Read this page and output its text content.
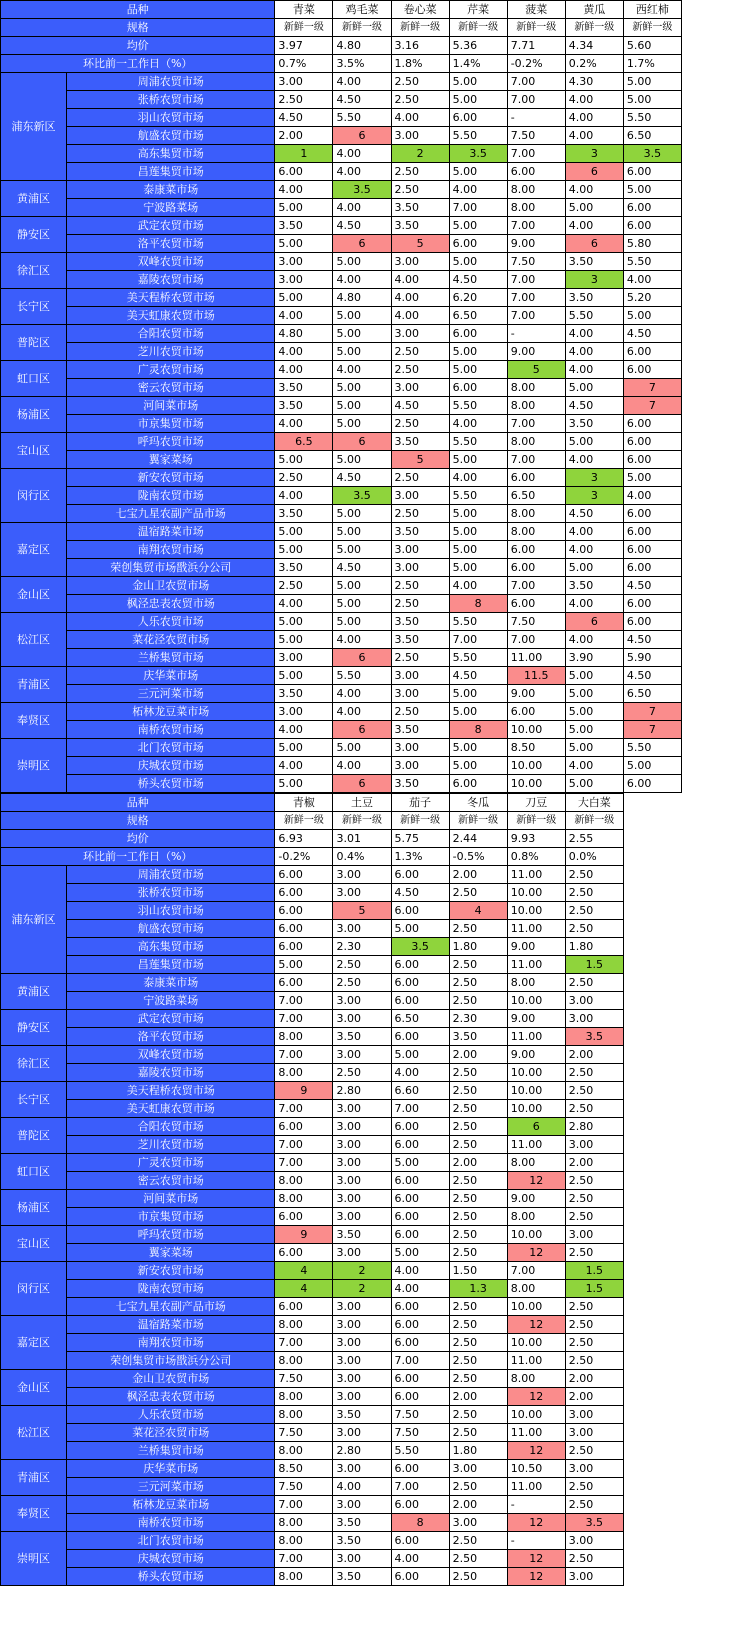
品种		青菜	鸡毛菜	卷心菜	芹菜	菠菜	黄瓜	西红柿
规格		新鲜一级	新鲜一级	新鲜一级	新鲜一级	新鲜一级	新鲜一级	新鲜一级
均价		3.97	4.80	3.16	5.36	7.71	4.34	5.60
环比前一工作日（%）		0.7%	3.5%	1.8%	1.4%	-0.2%	0.2%	1.7%
浦东新区	周浦农贸市场	3.00	4.00	2.50	5.00	7.00	4.30	5.00
	张桥农贸市场	2.50	4.50	2.50	5.00	7.00	4.00	5.00
	羽山农贸市场	4.50	5.50	4.00	6.00	-	4.00	5.50
	航盛农贸市场	2.00	6	3.00	5.50	7.50	4.00	6.50
	高东集贸市场	1	4.00	2	3.5	7.00	3	3.5
	昌莲集贸市场	6.00	4.00	2.50	5.00	6.00	6	6.00
黄浦区	泰康菜市场	4.00	3.5	2.50	4.00	8.00	4.00	5.00
	宁波路菜场	5.00	4.00	3.50	7.00	8.00	5.00	6.00
静安区	武定农贸市场	3.50	4.50	3.50	5.00	7.00	4.00	6.00
	洛平农贸市场	5.00	6	5	6.00	9.00	6	5.80
徐汇区	双峰农贸市场	3.00	5.00	3.00	5.00	7.50	3.50	5.50
	嘉陵农贸市场	3.00	4.00	4.00	4.50	7.00	3	4.00
长宁区	美天程桥农贸市场	5.00	4.80	4.00	6.20	7.00	3.50	5.20
	美天虹康农贸市场	4.00	5.00	4.00	6.50	7.00	5.50	5.00
普陀区	合阳农贸市场	4.80	5.00	3.00	6.00	-	4.00	4.50
	芝川农贸市场	4.00	5.00	2.50	5.00	9.00	4.00	6.00
虹口区	广灵农贸市场	4.00	4.00	2.50	5.00	5	4.00	6.00
	密云农贸市场	3.50	5.00	3.00	6.00	8.00	5.00	7
杨浦区	河间菜市场	3.50	5.00	4.50	5.50	8.00	4.50	7
	市京集贸市场	4.00	5.00	2.50	4.00	7.00	3.50	6.00
宝山区	呼玛农贸市场	6.5	6	3.50	5.50	8.00	5.00	6.00
	翼家菜场	5.00	5.00	5	5.00	7.00	4.00	6.00
闵行区	新安农贸市场	2.50	4.50	2.50	4.00	6.00	3	5.00
	陇南农贸市场	4.00	3.5	3.00	5.50	6.50	3	4.00
	七宝九星农副产品市场	3.50	5.00	2.50	5.00	8.00	4.50	6.00
嘉定区	温宿路菜市场	5.00	5.00	3.50	5.00	8.00	4.00	6.00
	南翔农贸市场	5.00	5.00	3.00	5.00	6.00	4.00	6.00
	荣创集贸市场戬浜分公司	3.50	4.50	3.00	5.00	6.00	5.00	6.00
金山区	金山卫农贸市场	2.50	5.00	2.50	4.00	7.00	3.50	4.50
	枫泾忠表农贸市场	4.00	5.00	2.50	8	6.00	4.00	6.00
松江区	人乐农贸市场	5.00	5.00	3.50	5.50	7.50	6	6.00
	菜花泾农贸市场	5.00	4.00	3.50	7.00	7.00	4.00	4.50
	兰桥集贸市场	3.00	6	2.50	5.50	11.00	3.90	5.90
青浦区	庆华菜市场	5.00	5.50	3.00	4.50	11.5	5.00	4.50
	三元河菜市场	3.50	4.00	3.00	5.00	9.00	5.00	6.50
奉贤区	柘林龙豆菜市场	3.00	4.00	2.50	5.00	6.00	5.00	7
	南桥农贸市场	4.00	6	3.50	8	10.00	5.00	7
崇明区	北门农贸市场	5.00	5.00	3.00	5.00	8.50	5.00	5.50
	庆城农贸市场	4.00	4.00	3.00	5.00	10.00	4.00	5.00
	桥头农贸市场	5.00	6	3.50	6.00	10.00	5.00	6.00
品种		青椒	土豆	茄子	冬瓜	刀豆	大白菜	
规格		新鲜一级	新鲜一级	新鲜一级	新鲜一级	新鲜一级	新鲜一级	
均价		6.93	3.01	5.75	2.44	9.93	2.55	
环比前一工作日（%）		-0.2%	0.4%	1.3%	-0.5%	0.8%	0.0%	
浦东新区	周浦农贸市场	6.00	3.00	6.00	2.00	11.00	2.50	
	张桥农贸市场	6.00	3.00	4.50	2.50	10.00	2.50	
	羽山农贸市场	6.00	5	6.00	4	10.00	2.50	
	航盛农贸市场	6.00	3.00	5.00	2.50	11.00	2.50	
	高东集贸市场	6.00	2.30	3.5	1.80	9.00	1.80	
	昌莲集贸市场	5.00	2.50	6.00	2.50	11.00	1.5	
黄浦区	泰康菜市场	6.00	2.50	6.00	2.50	8.00	2.50	
	宁波路菜场	7.00	3.00	6.00	2.50	10.00	3.00	
静安区	武定农贸市场	7.00	3.00	6.50	2.30	9.00	3.00	
	洛平农贸市场	8.00	3.50	6.00	3.50	11.00	3.5	
徐汇区	双峰农贸市场	7.00	3.00	5.00	2.00	9.00	2.00	
	嘉陵农贸市场	8.00	2.50	4.00	2.50	10.00	2.50	
长宁区	美天程桥农贸市场	9	2.80	6.60	2.50	10.00	2.50	
	美天虹康农贸市场	7.00	3.00	7.00	2.50	10.00	2.50	
普陀区	合阳农贸市场	6.00	3.00	6.00	2.50	6	2.80	
	芝川农贸市场	7.00	3.00	6.00	2.50	11.00	3.00	
虹口区	广灵农贸市场	7.00	3.00	5.00	2.00	8.00	2.00	
	密云农贸市场	8.00	3.00	6.00	2.50	12	2.50	
杨浦区	河间菜市场	8.00	3.00	6.00	2.50	9.00	2.50	
	市京集贸市场	6.00	3.00	6.00	2.50	8.00	2.50	
宝山区	呼玛农贸市场	9	3.50	6.00	2.50	10.00	3.00	
	翼家菜场	6.00	3.00	5.00	2.50	12	2.50	
闵行区	新安农贸市场	4	2	4.00	1.50	7.00	1.5	
	陇南农贸市场	4	2	4.00	1.3	8.00	1.5	
	七宝九星农副产品市场	6.00	3.00	6.00	2.50	10.00	2.50	
嘉定区	温宿路菜市场	8.00	3.00	6.00	2.50	12	2.50	
	南翔农贸市场	7.00	3.00	6.00	2.50	10.00	2.50	
	荣创集贸市场戬浜分公司	8.00	3.00	7.00	2.50	11.00	2.50	
金山区	金山卫农贸市场	7.50	3.00	6.00	2.50	8.00	2.00	
	枫泾忠表农贸市场	8.00	3.00	6.00	2.00	12	2.00	
松江区	人乐农贸市场	8.00	3.50	7.50	2.50	10.00	3.00	
	菜花泾农贸市场	7.50	3.00	7.50	2.50	11.00	3.00	
	兰桥集贸市场	8.00	2.80	5.50	1.80	12	2.50	
青浦区	庆华菜市场	8.50	3.00	6.00	3.00	10.50	3.00	
	三元河菜市场	7.50	4.00	7.00	2.50	11.00	2.50	
奉贤区	柘林龙豆菜市场	7.00	3.00	6.00	2.00	-	2.50	
	南桥农贸市场	8.00	3.50	8	3.00	12	3.5	
崇明区	北门农贸市场	8.00	3.50	6.00	2.50	-	3.00	
	庆城农贸市场	7.00	3.00	4.00	2.50	12	2.50	
	桥头农贸市场	8.00	3.50	6.00	2.50	12	3.00	
